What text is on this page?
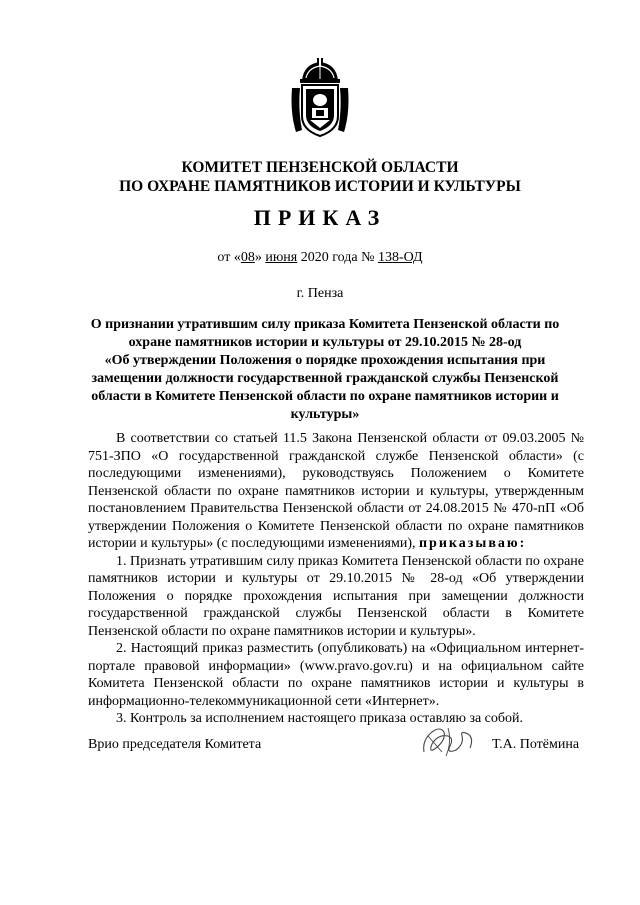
КОМИТЕТ ПЕНЗЕНСКОЙ ОБЛАСТИ
ПО ОХРАНЕ ПАМЯТНИКОВ ИСТОРИИ И КУЛЬТУРЫ
ПРИКАЗ
от «08» июня 2020 года № 138-ОД
г. Пенза
О признании утратившим силу приказа Комитета Пензенской области по
охране памятников истории и культуры от 29.10.2015 № 28-од
«Об утверждении Положения о порядке прохождения испытания при
замещении должности государственной гражданской службы Пензенской
области в Комитете Пензенской области по охране памятников истории и
культуры»

В соответствии со статьей 11.5 Закона Пензенской области от 09.03.2005 № 751-ЗПО «О государственной гражданской службе Пензенской области» (с последующими изменениями), руководствуясь Положением о Комитете Пензенской области по охране памятников истории и культуры, утвержденным постановлением Правительства Пензенской области от 24.08.2015 № 470-пП «Об утверждении Положения о Комитете Пензенской области по охране памятников истории и культуры» (с последующими изменениями), приказываю:

1. Признать утратившим силу приказ Комитета Пензенской области по охране памятников истории и культуры от 29.10.2015 № 28-од «Об утверждении Положения о порядке прохождения испытания при замещении должности государственной гражданской службы Пензенской области в Комитете Пензенской области по охране памятников истории и культуры».

2. Настоящий приказ разместить (опубликовать) на «Официальном интернет-портале правовой информации» (www.pravo.gov.ru) и на официальном сайте Комитета Пензенской области по охране памятников истории и культуры в информационно-телекоммуникационной сети «Интернет».

3. Контроль за исполнением настоящего приказа оставляю за собой.

Врио председателя Комитета	Т.А. Потёмина
